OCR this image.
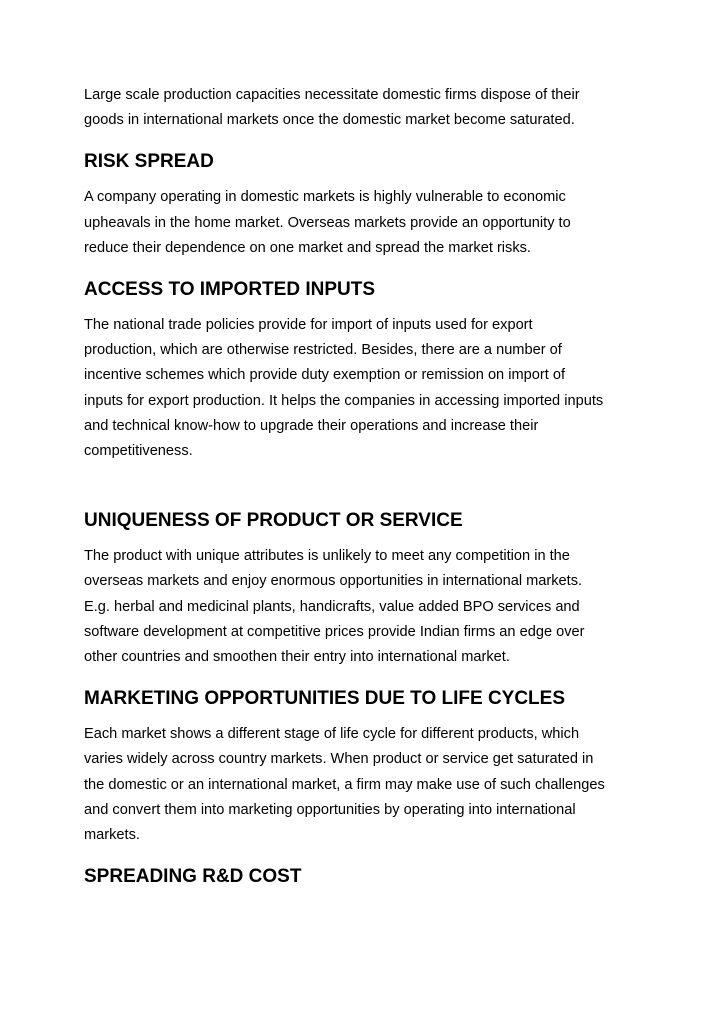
Large scale production capacities necessitate domestic firms dispose of their
goods in international markets once the domestic market become saturated.

RISK SPREAD

A company operating in domestic markets is highly vulnerable to economic
upheavals in the home market. Overseas markets provide an opportunity to
reduce their dependence on one market and spread the market risks.

ACCESS TO IMPORTED INPUTS

The national trade policies provide for import of inputs used for export
production, which are otherwise restricted. Besides, there are a number of
incentive schemes which provide duty exemption or remission on import of
inputs for export production. It helps the companies in accessing imported inputs
and technical know-how to upgrade their operations and increase their
competitiveness.

UNIQUENESS OF PRODUCT OR SERVICE

The product with unique attributes is unlikely to meet any competition in the
overseas markets and enjoy enormous opportunities in international markets.
E.g. herbal and medicinal plants, handicrafts, value added BPO services and
software development at competitive prices provide Indian firms an edge over
other countries and smoothen their entry into international market.

MARKETING OPPORTUNITIES DUE TO LIFE CYCLES

Each market shows a different stage of life cycle for different products, which
varies widely across country markets. When product or service get saturated in
the domestic or an international market, a firm may make use of such challenges
and convert them into marketing opportunities by operating into international
markets.

SPREADING R&D COST
